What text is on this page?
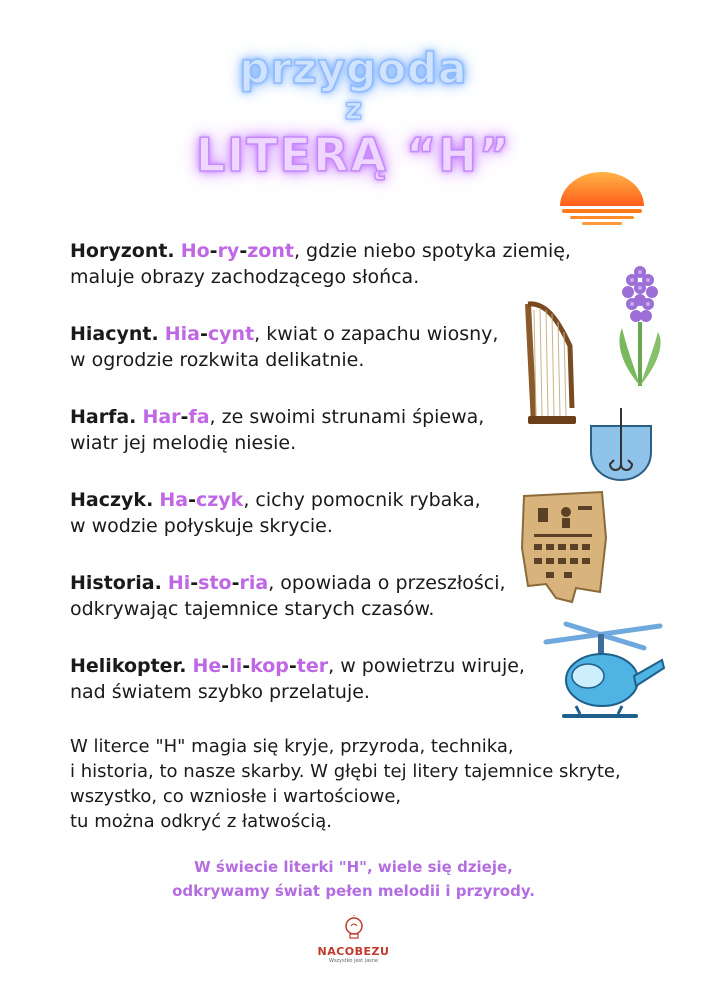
przygoda
z
LITERĄ “H”
Horyzont. Ho-ry-zont, gdzie niebo spotyka ziemię,
maluje obrazy zachodzącego słońca.
Hiacynt. Hia-cynt, kwiat o zapachu wiosny,
w ogrodzie rozkwita delikatnie.
Harfa. Har-fa, ze swoimi strunami śpiewa,
wiatr jej melodię niesie.
Haczyk. Ha-czyk, cichy pomocnik rybaka,
w wodzie połyskuje skrycie.
Historia. Hi-sto-ria, opowiada o przeszłości,
odkrywając tajemnice starych czasów.
Helikopter. He-li-kop-ter, w powietrzu wiruje,
nad światem szybko przelatuje.
W literce "H" magia się kryje, przyroda, technika,
i historia, to nasze skarby. W głębi tej litery tajemnice skryte,
wszystko, co wzniosłe i wartościowe,
tu można odkryć z łatwością.
W świecie literki "H", wiele się dzieje,
odkrywamy świat pełen melodii i przyrody.
NACOBEZU
Wszystko jest jasne
